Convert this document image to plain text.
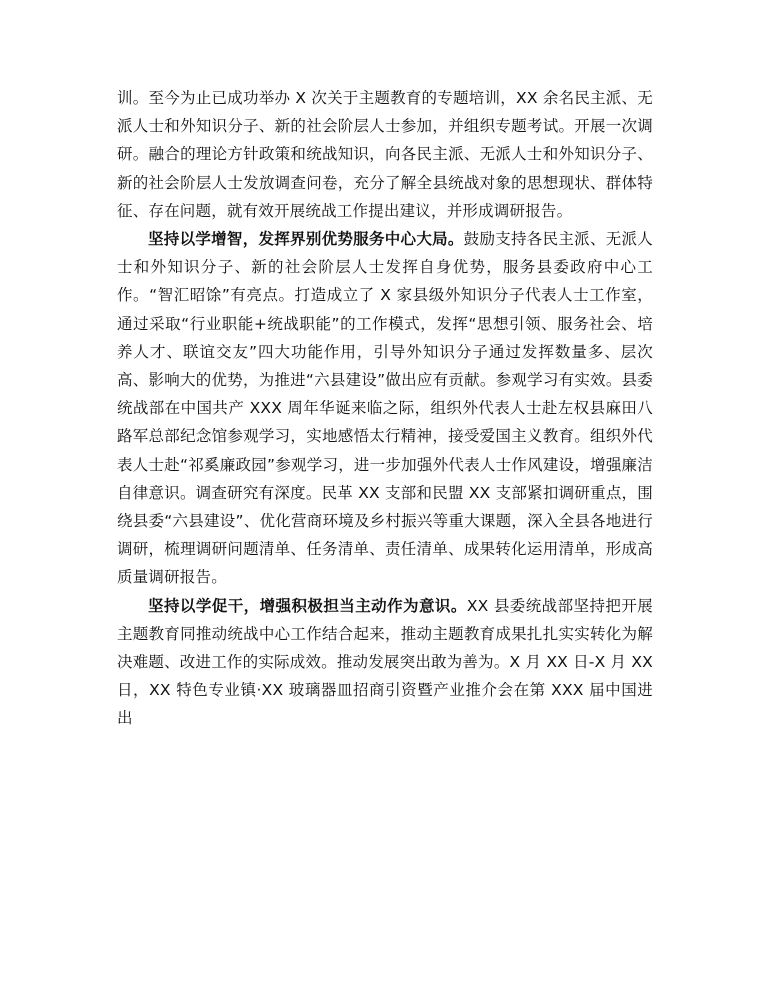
训。至今为止已成功举办 X 次关于主题教育的专题培训，XX 余名民主派、无派人士和外知识分子、新的社会阶层人士参加，并组织专题考试。开展一次调研。融合的理论方针政策和统战知识，向各民主派、无派人士和外知识分子、新的社会阶层人士发放调查问卷，充分了解全县统战对象的思想现状、群体特征、存在问题，就有效开展统战工作提出建议，并形成调研报告。

坚持以学增智，发挥界别优势服务中心大局。鼓励支持各民主派、无派人士和外知识分子、新的社会阶层人士发挥自身优势，服务县委政府中心工作。“智汇昭馀”有亮点。打造成立了 X 家县级外知识分子代表人士工作室，通过采取“行业职能+统战职能”的工作模式，发挥“思想引领、服务社会、培养人才、联谊交友”四大功能作用，引导外知识分子通过发挥数量多、层次高、影响大的优势，为推进“六县建设”做出应有贡献。参观学习有实效。县委统战部在中国共产 XXX 周年华诞来临之际，组织外代表人士赴左权县麻田八路军总部纪念馆参观学习，实地感悟太行精神，接受爱国主义教育。组织外代表人士赴“祁奚廉政园”参观学习，进一步加强外代表人士作风建设，增强廉洁自律意识。调查研究有深度。民革 XX 支部和民盟 XX 支部紧扣调研重点，围绕县委“六县建设”、优化营商环境及乡村振兴等重大课题，深入全县各地进行调研，梳理调研问题清单、任务清单、责任清单、成果转化运用清单，形成高质量调研报告。

坚持以学促干，增强积极担当主动作为意识。XX 县委统战部坚持把开展主题教育同推动统战中心工作结合起来，推动主题教育成果扎扎实实转化为解决难题、改进工作的实际成效。推动发展突出敢为善为。X 月 XX 日-X 月 XX 日，XX 特色专业镇·XX 玻璃器皿招商引资暨产业推介会在第 XXX 届中国进出
